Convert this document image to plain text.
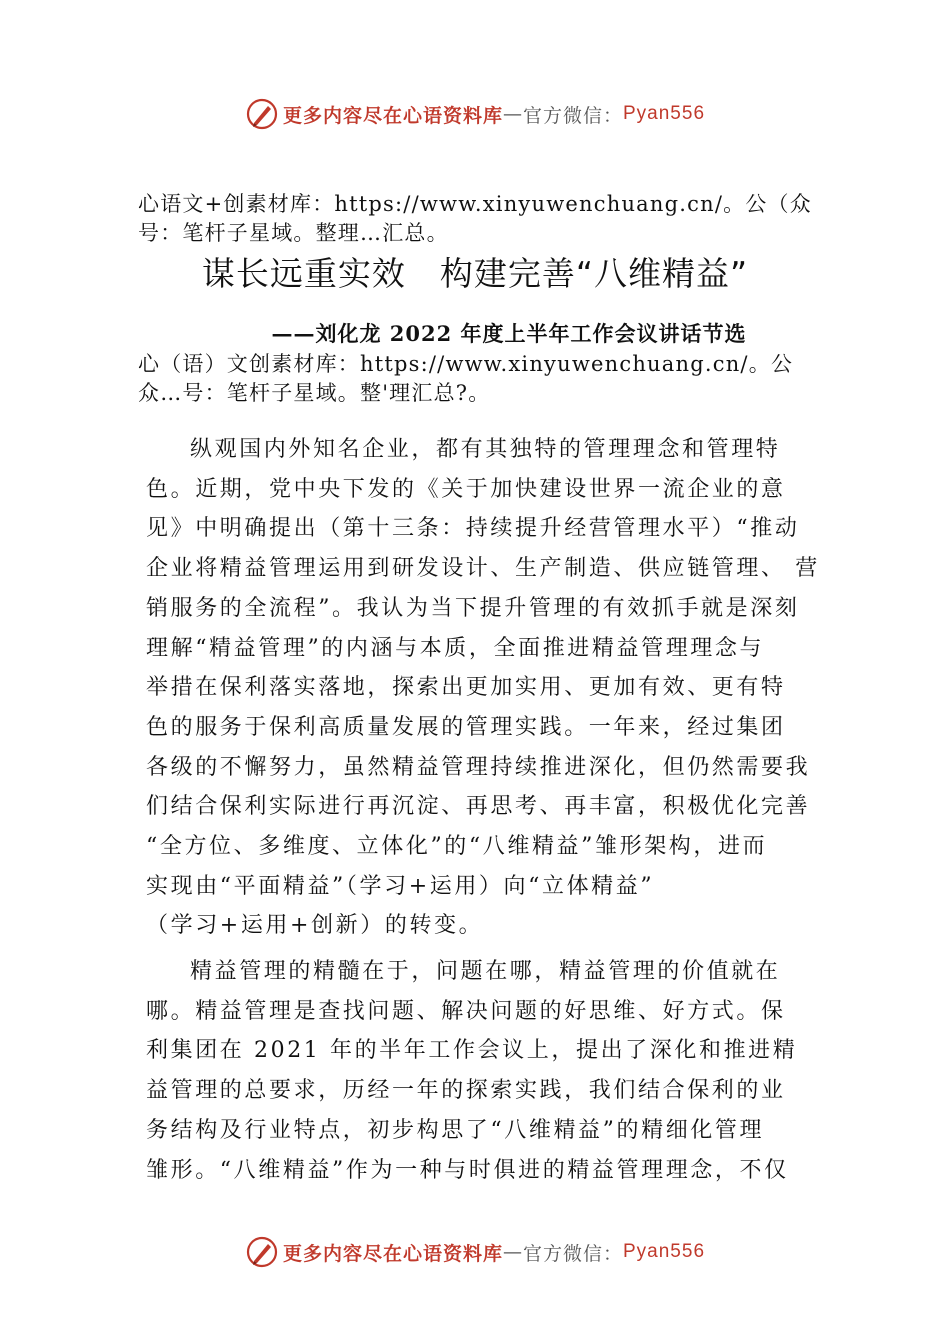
更多内容尽在心语资料库 — 官方微信： Pyan556
心语文+创素材库：https://www.xinyuwenchuang.cn/。公（众
号：笔杆子星域。整理…汇总。
谋长远重实效　构建完善“八维精益”
——刘化龙 2022 年度上半年工作会议讲话节选
心（语）文创素材库：https://www.xinyuwenchuang.cn/。公
众…号：笔杆子星域。整'理汇总?。

纵观国内外知名企业，都有其独特的管理理念和管理特

色。近期，党中央下发的《关于加快建设世界一流企业的意

见》中明确提出（第十三条：持续提升经营管理水平）“推动

企业将精益管理运用到研发设计、生产制造、供应链管理、 营

销服务的全流程”。我认为当下提升管理的有效抓手就是深刻

理解“精益管理”的内涵与本质，全面推进精益管理理念与

举措在保利落实落地，探索出更加实用、更加有效、更有特

色的服务于保利高质量发展的管理实践。一年来，经过集团

各级的不懈努力，虽然精益管理持续推进深化，但仍然需要我

们结合保利实际进行再沉淀、再思考、再丰富，积极优化完善

“全方位、多维度、立体化”的“八维精益”雏形架构，进而

实现由“平面精益”（学习+运用）向“立体精益”

（学习+运用+创新）的转变。

精益管理的精髓在于，问题在哪，精益管理的价值就在

哪。精益管理是查找问题、解决问题的好思维、好方式。保

利集团在 2021 年的半年工作会议上，提出了深化和推进精

益管理的总要求，历经一年的探索实践，我们结合保利的业

务结构及行业特点，初步构思了“八维精益”的精细化管理

雏形。“八维精益”作为一种与时俱进的精益管理理念，不仅

更多内容尽在心语资料库 — 官方微信： Pyan556
